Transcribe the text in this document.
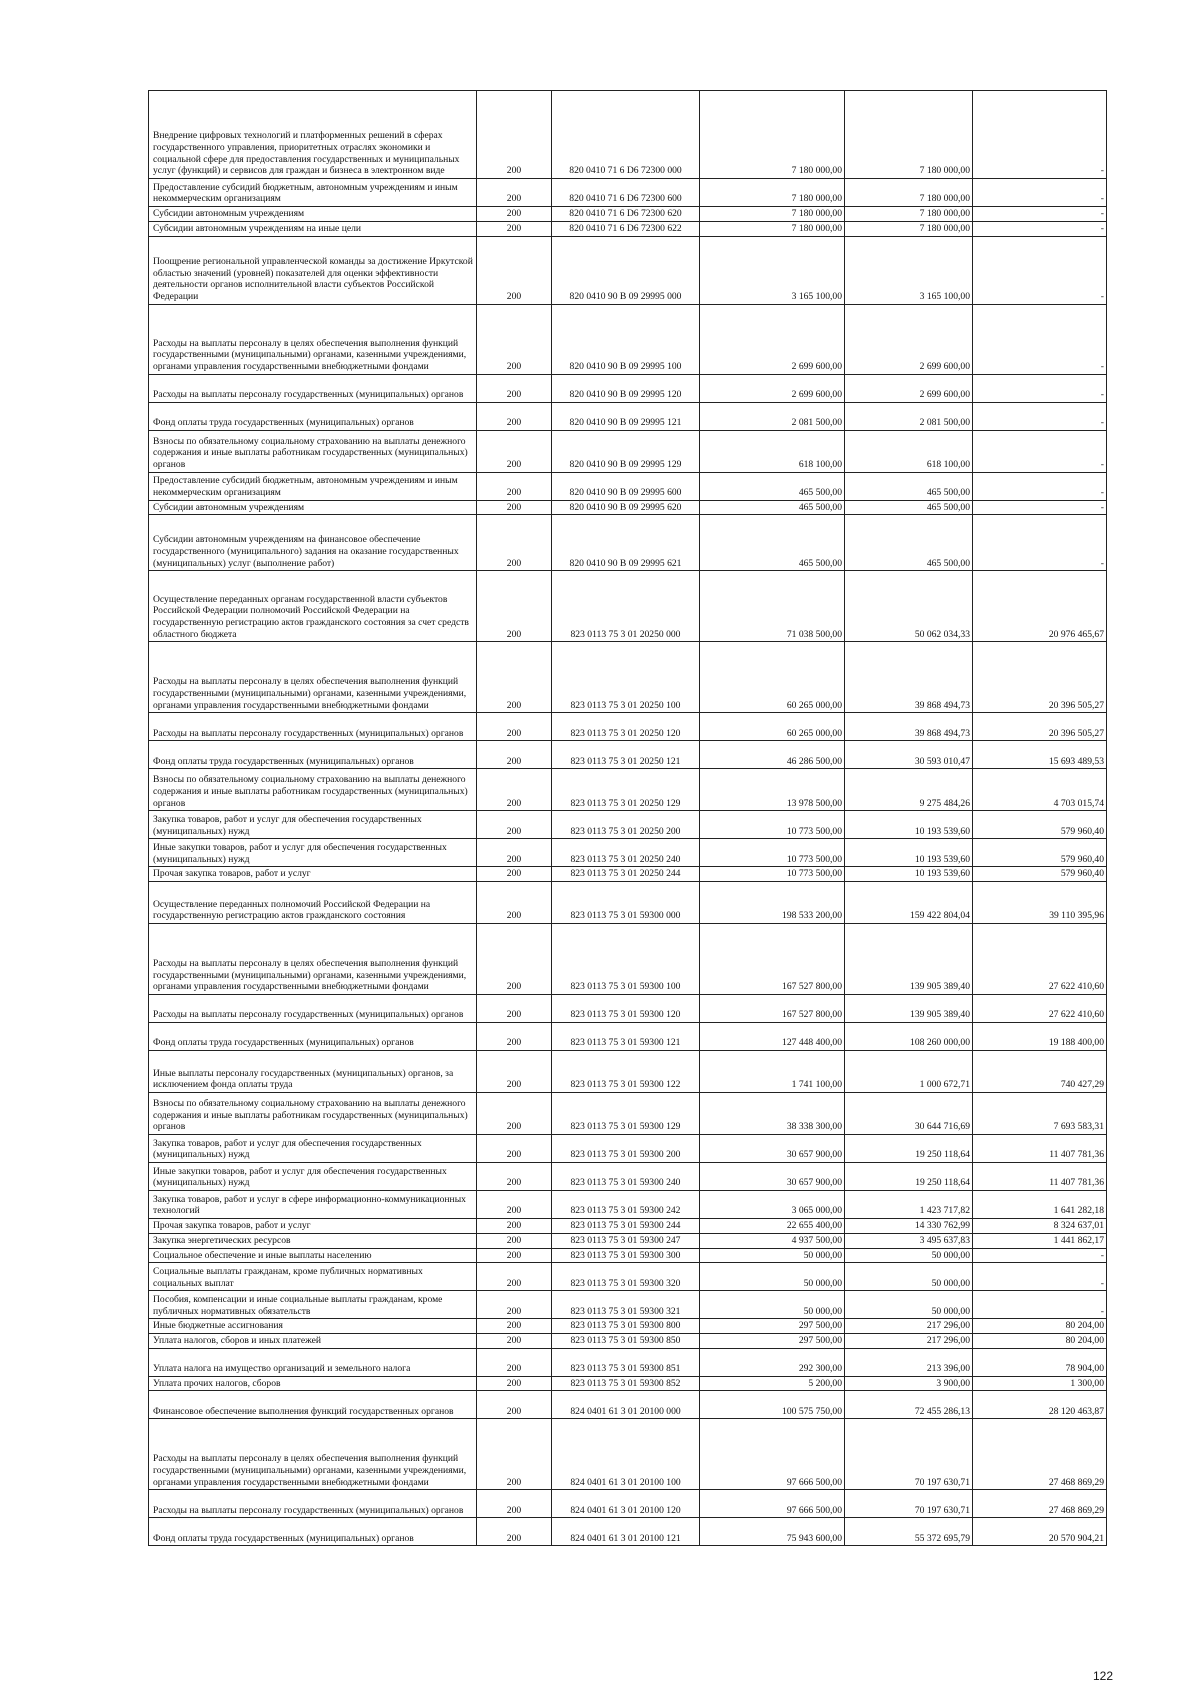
Внедрение цифровых технологий и платформенных решений в сферах государственного управления, приоритетных отраслях экономики и социальной сфере для предоставления государственных и муниципальных услуг (функций) и сервисов для граждан и бизнеса в электронном виде	200	820 0410 71 6 D6 72300 000	7 180 000,00	7 180 000,00	-
Предоставление субсидий бюджетным, автономным учреждениям и иным некоммерческим организациям	200	820 0410 71 6 D6 72300 600	7 180 000,00	7 180 000,00	-
Субсидии автономным учреждениям	200	820 0410 71 6 D6 72300 620	7 180 000,00	7 180 000,00	-
Субсидии автономным учреждениям на иные цели	200	820 0410 71 6 D6 72300 622	7 180 000,00	7 180 000,00	-
Поощрение региональной управленческой команды за достижение Иркутской областью значений (уровней) показателей для оценки эффективности деятельности органов исполнительной власти субъектов Российской Федерации	200	820 0410 90 B 09 29995 000	3 165 100,00	3 165 100,00	-
Расходы на выплаты персоналу в целях обеспечения выполнения функций государственными (муниципальными) органами, казенными учреждениями, органами управления государственными внебюджетными фондами	200	820 0410 90 B 09 29995 100	2 699 600,00	2 699 600,00	-
Расходы на выплаты персоналу государственных (муниципальных) органов	200	820 0410 90 B 09 29995 120	2 699 600,00	2 699 600,00	-
Фонд оплаты труда государственных (муниципальных) органов	200	820 0410 90 B 09 29995 121	2 081 500,00	2 081 500,00	-
Взносы по обязательному социальному страхованию на выплаты денежного содержания и иные выплаты работникам государственных (муниципальных) органов	200	820 0410 90 B 09 29995 129	618 100,00	618 100,00	-
Предоставление субсидий бюджетным, автономным учреждениям и иным некоммерческим организациям	200	820 0410 90 B 09 29995 600	465 500,00	465 500,00	-
Субсидии автономным учреждениям	200	820 0410 90 B 09 29995 620	465 500,00	465 500,00	-
Субсидии автономным учреждениям на финансовое обеспечение государственного (муниципального) задания на оказание государственных (муниципальных) услуг (выполнение работ)	200	820 0410 90 B 09 29995 621	465 500,00	465 500,00	-
Осуществление переданных органам государственной власти субъектов Российской Федерации полномочий Российской Федерации на государственную регистрацию актов гражданского состояния за счет средств областного бюджета	200	823 0113 75 3 01 20250 000	71 038 500,00	50 062 034,33	20 976 465,67
Расходы на выплаты персоналу в целях обеспечения выполнения функций государственными (муниципальными) органами, казенными учреждениями, органами управления государственными внебюджетными фондами	200	823 0113 75 3 01 20250 100	60 265 000,00	39 868 494,73	20 396 505,27
Расходы на выплаты персоналу государственных (муниципальных) органов	200	823 0113 75 3 01 20250 120	60 265 000,00	39 868 494,73	20 396 505,27
Фонд оплаты труда государственных (муниципальных) органов	200	823 0113 75 3 01 20250 121	46 286 500,00	30 593 010,47	15 693 489,53
Взносы по обязательному социальному страхованию на выплаты денежного содержания и иные выплаты работникам государственных (муниципальных) органов	200	823 0113 75 3 01 20250 129	13 978 500,00	9 275 484,26	4 703 015,74
Закупка товаров, работ и услуг для обеспечения государственных (муниципальных) нужд	200	823 0113 75 3 01 20250 200	10 773 500,00	10 193 539,60	579 960,40
Иные закупки товаров, работ и услуг для обеспечения государственных (муниципальных) нужд	200	823 0113 75 3 01 20250 240	10 773 500,00	10 193 539,60	579 960,40
Прочая закупка товаров, работ и услуг	200	823 0113 75 3 01 20250 244	10 773 500,00	10 193 539,60	579 960,40
Осуществление переданных полномочий Российской Федерации на государственную регистрацию актов гражданского состояния	200	823 0113 75 3 01 59300 000	198 533 200,00	159 422 804,04	39 110 395,96
Расходы на выплаты персоналу в целях обеспечения выполнения функций государственными (муниципальными) органами, казенными учреждениями, органами управления государственными внебюджетными фондами	200	823 0113 75 3 01 59300 100	167 527 800,00	139 905 389,40	27 622 410,60
Расходы на выплаты персоналу государственных (муниципальных) органов	200	823 0113 75 3 01 59300 120	167 527 800,00	139 905 389,40	27 622 410,60
Фонд оплаты труда государственных (муниципальных) органов	200	823 0113 75 3 01 59300 121	127 448 400,00	108 260 000,00	19 188 400,00
Иные выплаты персоналу государственных (муниципальных) органов, за исключением фонда оплаты труда	200	823 0113 75 3 01 59300 122	1 741 100,00	1 000 672,71	740 427,29
Взносы по обязательному социальному страхованию на выплаты денежного содержания и иные выплаты работникам государственных (муниципальных) органов	200	823 0113 75 3 01 59300 129	38 338 300,00	30 644 716,69	7 693 583,31
Закупка товаров, работ и услуг для обеспечения государственных (муниципальных) нужд	200	823 0113 75 3 01 59300 200	30 657 900,00	19 250 118,64	11 407 781,36
Иные закупки товаров, работ и услуг для обеспечения государственных (муниципальных) нужд	200	823 0113 75 3 01 59300 240	30 657 900,00	19 250 118,64	11 407 781,36
Закупка товаров, работ и услуг в сфере информационно-коммуникационных технологий	200	823 0113 75 3 01 59300 242	3 065 000,00	1 423 717,82	1 641 282,18
Прочая закупка товаров, работ и услуг	200	823 0113 75 3 01 59300 244	22 655 400,00	14 330 762,99	8 324 637,01
Закупка энергетических ресурсов	200	823 0113 75 3 01 59300 247	4 937 500,00	3 495 637,83	1 441 862,17
Социальное обеспечение и иные выплаты населению	200	823 0113 75 3 01 59300 300	50 000,00	50 000,00	-
Социальные выплаты гражданам, кроме публичных нормативных социальных выплат	200	823 0113 75 3 01 59300 320	50 000,00	50 000,00	-
Пособия, компенсации и иные социальные выплаты гражданам, кроме публичных нормативных обязательств	200	823 0113 75 3 01 59300 321	50 000,00	50 000,00	-
Иные бюджетные ассигнования	200	823 0113 75 3 01 59300 800	297 500,00	217 296,00	80 204,00
Уплата налогов, сборов и иных платежей	200	823 0113 75 3 01 59300 850	297 500,00	217 296,00	80 204,00
Уплата налога на имущество организаций и земельного налога	200	823 0113 75 3 01 59300 851	292 300,00	213 396,00	78 904,00
Уплата прочих налогов, сборов	200	823 0113 75 3 01 59300 852	5 200,00	3 900,00	1 300,00
Финансовое обеспечение выполнения функций государственных органов	200	824 0401 61 3 01 20100 000	100 575 750,00	72 455 286,13	28 120 463,87
Расходы на выплаты персоналу в целях обеспечения выполнения функций государственными (муниципальными) органами, казенными учреждениями, органами управления государственными внебюджетными фондами	200	824 0401 61 3 01 20100 100	97 666 500,00	70 197 630,71	27 468 869,29
Расходы на выплаты персоналу государственных (муниципальных) органов	200	824 0401 61 3 01 20100 120	97 666 500,00	70 197 630,71	27 468 869,29
Фонд оплаты труда государственных (муниципальных) органов	200	824 0401 61 3 01 20100 121	75 943 600,00	55 372 695,79	20 570 904,21
122
